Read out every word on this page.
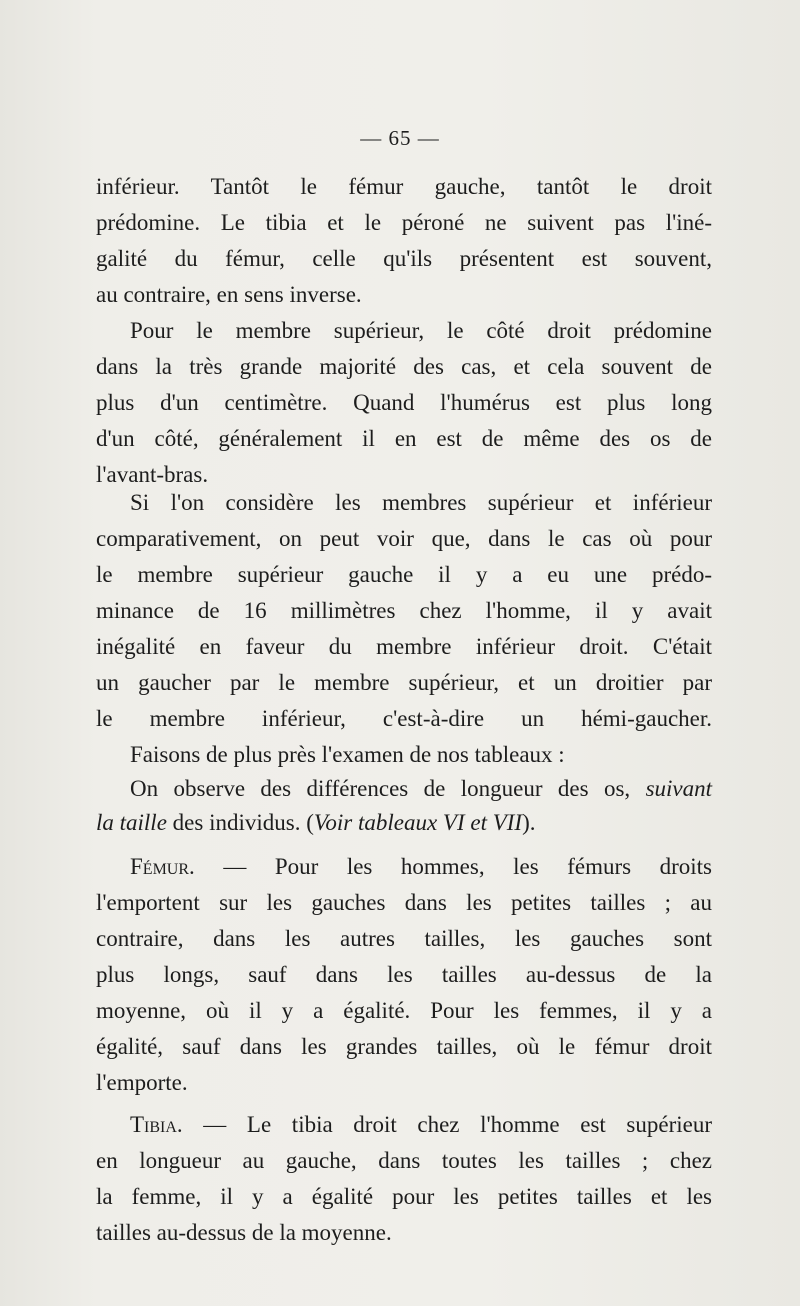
— 65 —
inférieur. Tantôt le fémur gauche, tantôt le droit
prédomine. Le tibia et le péroné ne suivent pas l'iné-
galité du fémur, celle qu'ils présentent est souvent,
au contraire, en sens inverse.
Pour le membre supérieur, le côté droit prédomine
dans la très grande majorité des cas, et cela souvent de
plus d'un centimètre. Quand l'humérus est plus long
d'un côté, généralement il en est de même des os de
l'avant-bras.
Si l'on considère les membres supérieur et inférieur
comparativement, on peut voir que, dans le cas où pour
le membre supérieur gauche il y a eu une prédo-
minance de 16 millimètres chez l'homme, il y avait
inégalité en faveur du membre inférieur droit. C'était
un gaucher par le membre supérieur, et un droitier par
le membre inférieur, c'est-à-dire un hémi-gaucher.
Faisons de plus près l'examen de nos tableaux :
On observe des différences de longueur des os, suivant
la taille des individus. (Voir tableaux VI et VII).
Fémur. — Pour les hommes, les fémurs droits
l'emportent sur les gauches dans les petites tailles ; au
contraire, dans les autres tailles, les gauches sont
plus longs, sauf dans les tailles au-dessus de la
moyenne, où il y a égalité. Pour les femmes, il y a
égalité, sauf dans les grandes tailles, où le fémur droit
l'emporte.
Tibia. — Le tibia droit chez l'homme est supérieur
en longueur au gauche, dans toutes les tailles ; chez
la femme, il y a égalité pour les petites tailles et les
tailles au-dessus de la moyenne.
